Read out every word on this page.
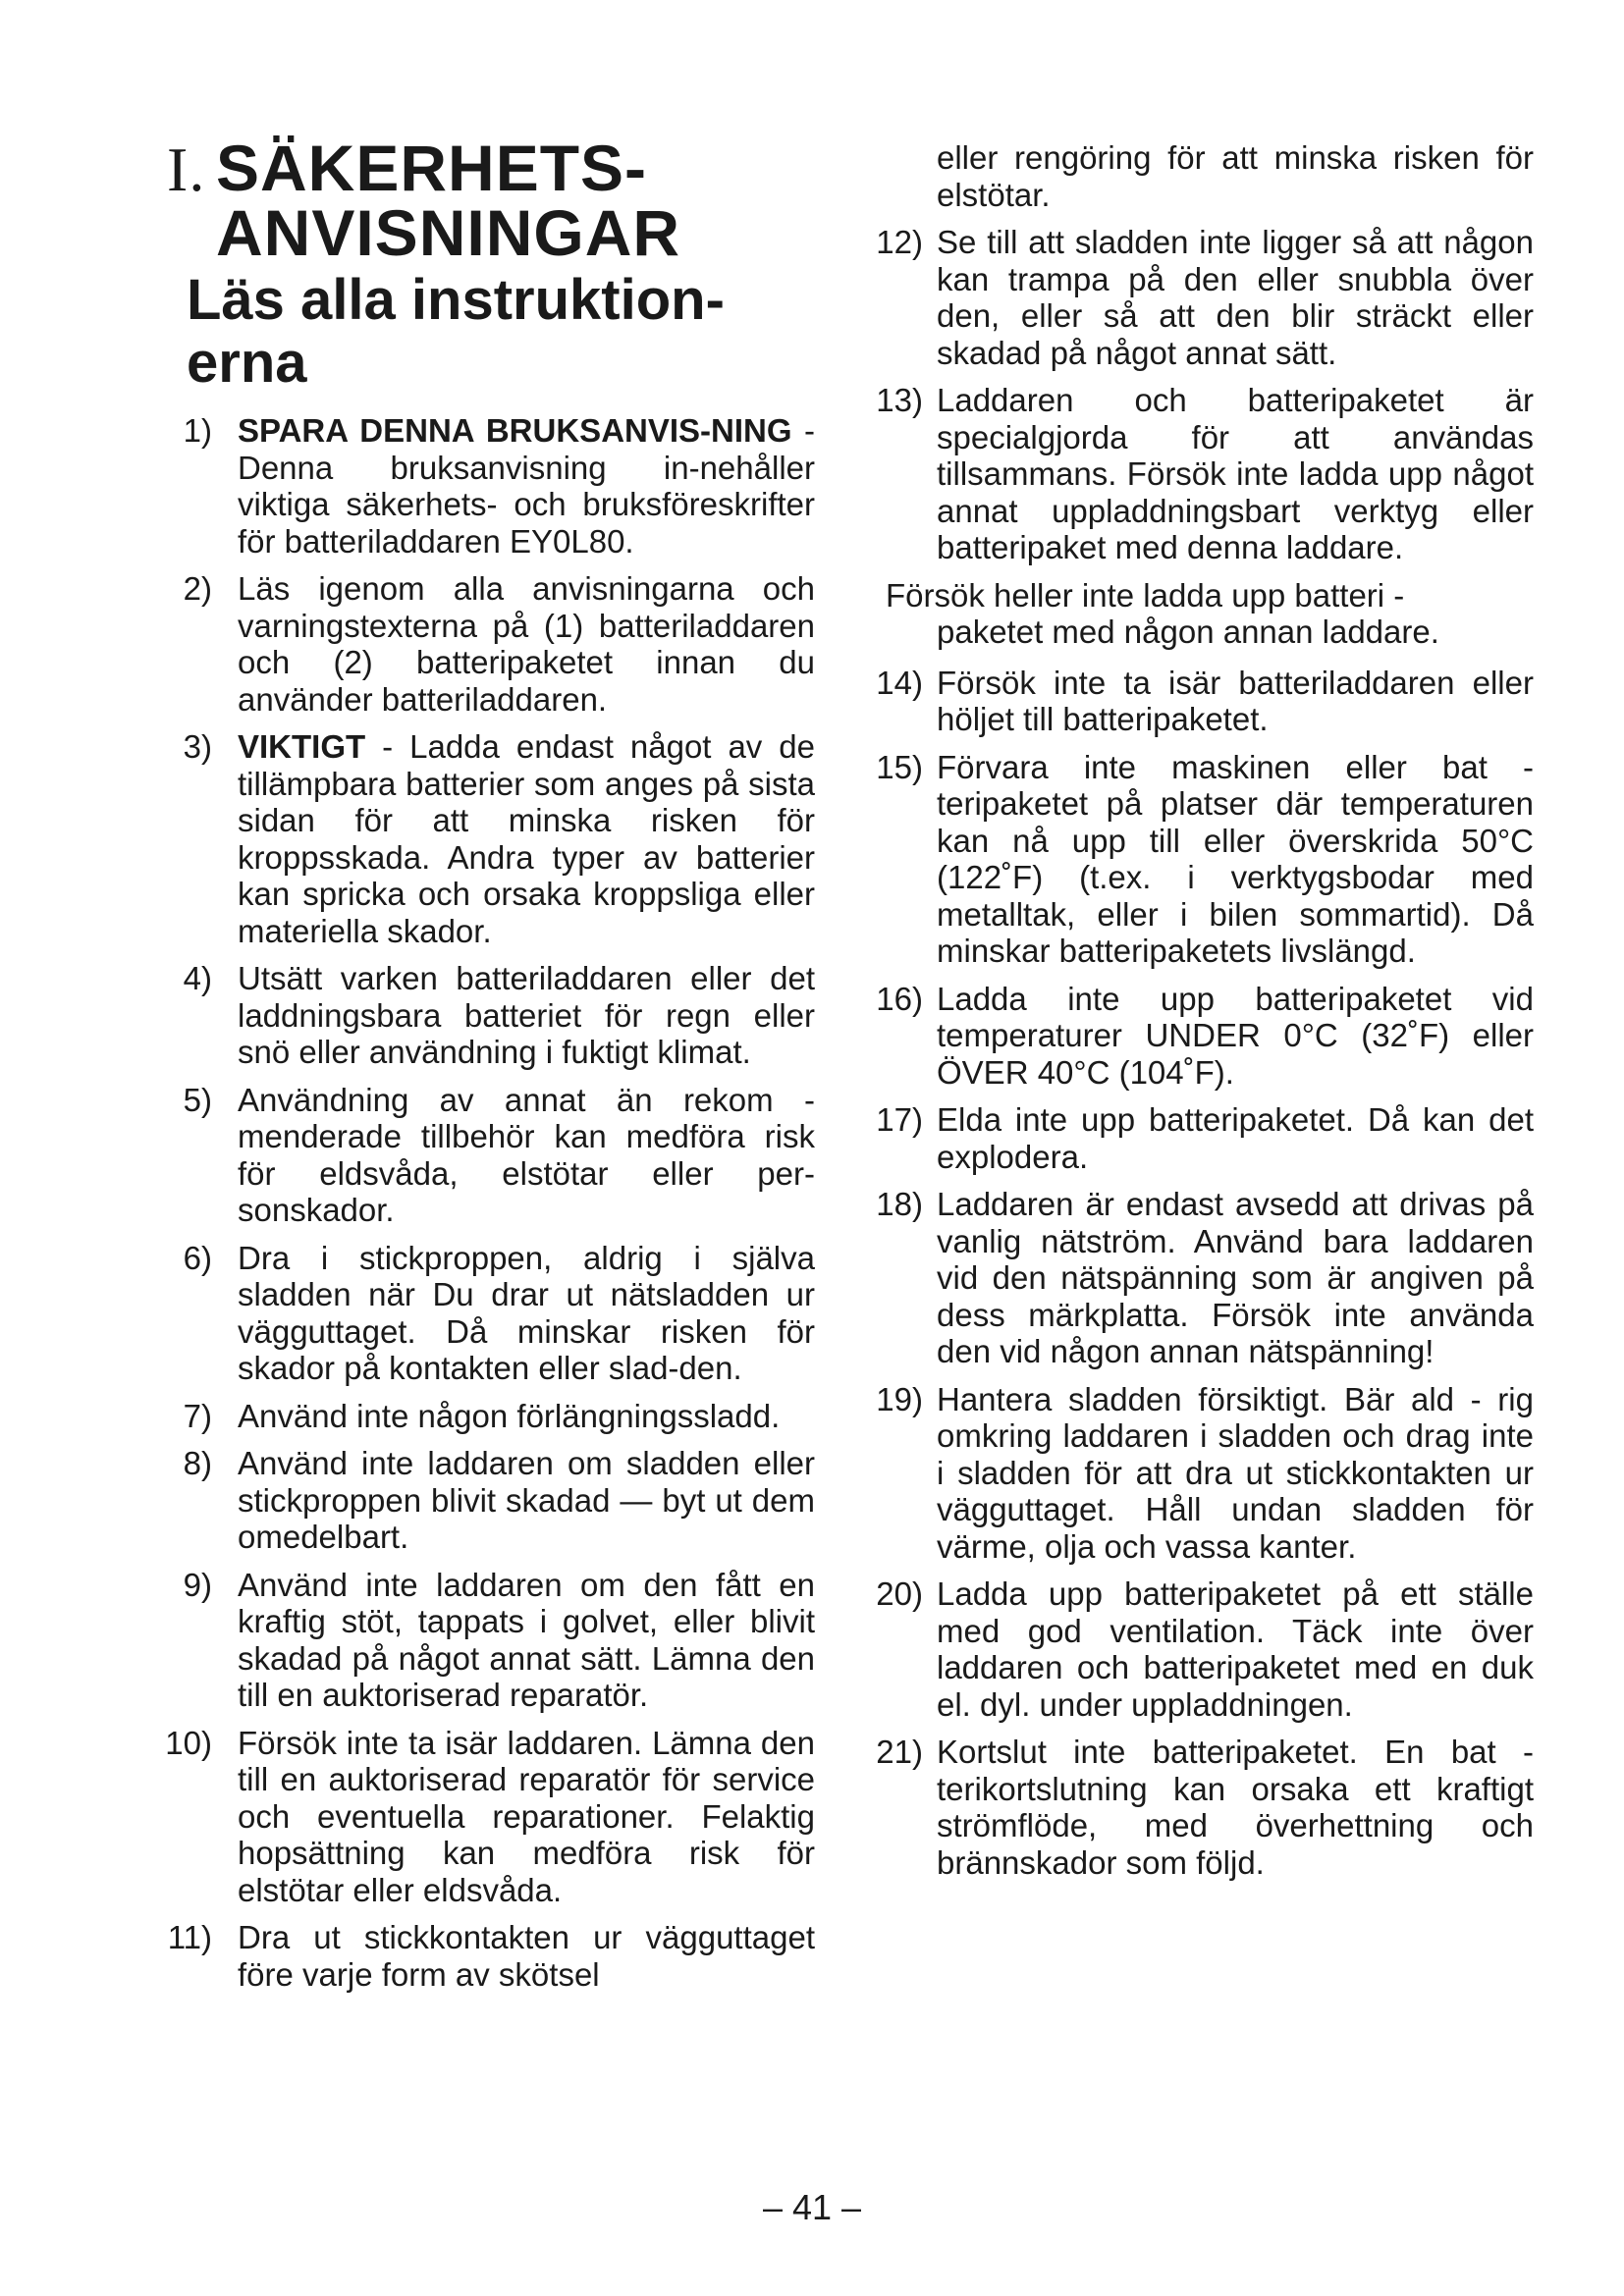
I. SÄKERHETS-
ANVISNINGAR
Läs alla instruktion-erna
1) SPARA DENNA BRUKSANVIS-NING - Denna bruksanvisning in-nehåller viktiga säkerhets- och bruksföreskrifter för batteriladdaren EY0L80.
2) Läs igenom alla anvisningarna och varningstexterna på (1) batteriladdaren och (2) batteripaketet innan du använder batteriladdaren.
3) VIKTIGT - Ladda endast något av de tillämpbara batterier som anges på sista sidan för att minska risken för kroppsskada. Andra typer av batterier kan spricka och orsaka kroppsliga eller materiella skador.
4) Utsätt varken batteriladdaren eller det laddningsbara batteriet för regn eller snö eller användning i fuktigt klimat.
5) Användning av annat än rekom - menderade tillbehör kan medföra risk för eldsvåda, elstötar eller per-sonskador.
6) Dra i stickproppen, aldrig i själva sladden när Du drar ut nätsladden ur vägguttaget. Då minskar risken för skador på kontakten eller slad-den.
7) Använd inte någon förlängningssladd.
8) Använd inte laddaren om sladden eller stickproppen blivit skadad — byt ut dem omedelbart.
9) Använd inte laddaren om den fått en kraftig stöt, tappats i golvet, eller blivit skadad på något annat sätt. Lämna den till en auktoriserad reparatör.
10) Försök inte ta isär laddaren. Lämna den till en auktoriserad reparatör för service och eventuella reparationer. Felaktig hopsättning kan medföra risk för elstötar eller eldsvåda.
11) Dra ut stickkontakten ur vägguttaget före varje form av skötsel

eller rengöring för att minska risken för elstötar.

12) Se till att sladden inte ligger så att någon kan trampa på den eller snubbla över den, eller så att den blir sträckt eller skadad på något annat sätt.
13) Laddaren och batteripaketet är specialgjorda för att användas tillsammans. Försök inte ladda upp något annat uppladdningsbart verktyg eller batteripaket med denna laddare.
Försök heller inte ladda upp batteri -
paketet med någon annan laddare.
14) Försök inte ta isär batteriladdaren eller höljet till batteripaketet.
15) Förvara inte maskinen eller bat - teripaketet på platser där temperaturen kan nå upp till eller överskrida 50°C (122˚F) (t.ex. i verktygsbodar med metalltak, eller i bilen sommartid). Då minskar batteripaketets livslängd.
16) Ladda inte upp batteripaketet vid temperaturer UNDER 0°C (32˚F) eller ÖVER 40°C (104˚F).
17) Elda inte upp batteripaketet. Då kan det explodera.
18) Laddaren är endast avsedd att drivas på vanlig nätström. Använd bara laddaren vid den nätspänning som är angiven på dess märkplatta. Försök inte använda den vid någon annan nätspänning!
19) Hantera sladden försiktigt. Bär ald - rig omkring laddaren i sladden och drag inte i sladden för att dra ut stickkontakten ur vägguttaget. Håll undan sladden för värme, olja och vassa kanter.
20) Ladda upp batteripaketet på ett ställe med god ventilation. Täck inte över laddaren och batteripaketet med en duk el. dyl. under uppladdningen.
21) Kortslut inte batteripaketet. En bat - terikortslutning kan orsaka ett kraftigt strömflöde, med överhettning och brännskador som följd.
– 41 –
